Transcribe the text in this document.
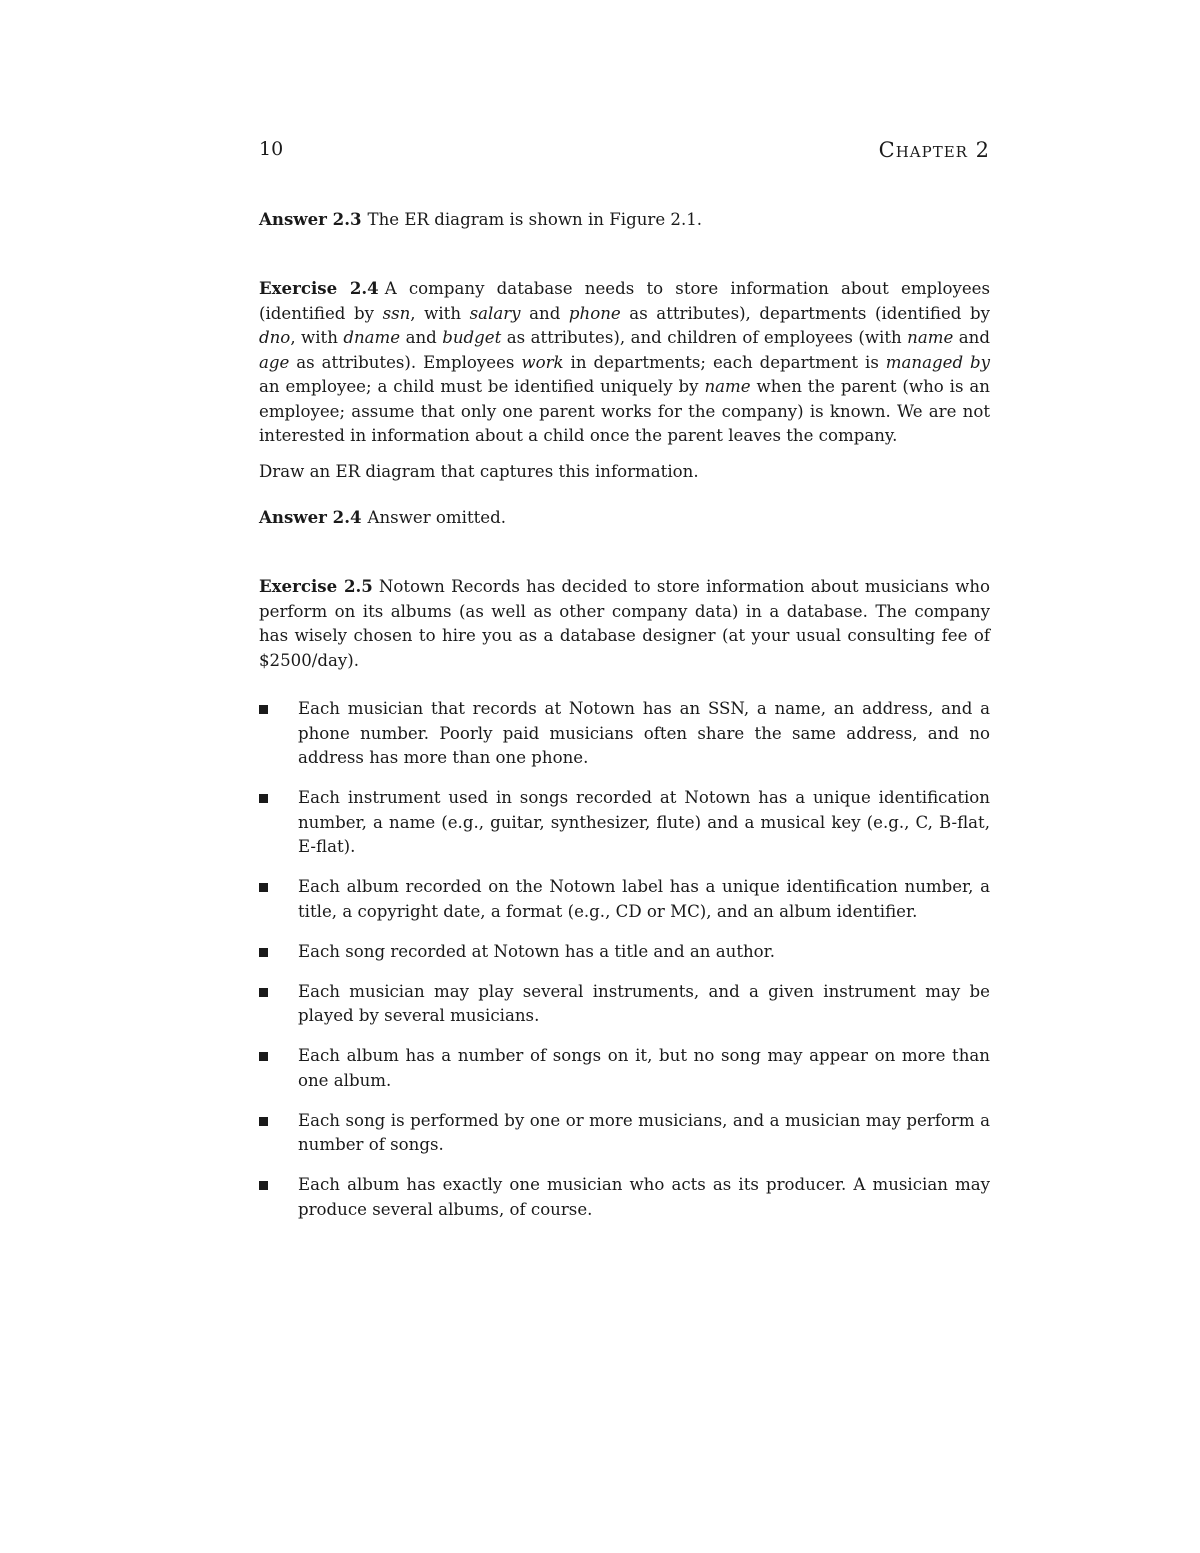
10	Chapter 2

Answer 2.3 The ER diagram is shown in Figure 2.1.

Exercise 2.4 A company database needs to store information about employees (identified by ssn, with salary and phone as attributes), departments (identified by dno, with dname and budget as attributes), and children of employees (with name and age as attributes). Employees work in departments; each department is managed by an employee; a child must be identified uniquely by name when the parent (who is an employee; assume that only one parent works for the company) is known. We are not interested in information about a child once the parent leaves the company.

Draw an ER diagram that captures this information.

Answer 2.4 Answer omitted.

Exercise 2.5 Notown Records has decided to store information about musicians who perform on its albums (as well as other company data) in a database. The company has wisely chosen to hire you as a database designer (at your usual consulting fee of $2500/day).

Each musician that records at Notown has an SSN, a name, an address, and a phone number. Poorly paid musicians often share the same address, and no address has more than one phone.
Each instrument used in songs recorded at Notown has a unique identification number, a name (e.g., guitar, synthesizer, flute) and a musical key (e.g., C, B-flat, E-flat).
Each album recorded on the Notown label has a unique identification number, a title, a copyright date, a format (e.g., CD or MC), and an album identifier.
Each song recorded at Notown has a title and an author.
Each musician may play several instruments, and a given instrument may be played by several musicians.
Each album has a number of songs on it, but no song may appear on more than one album.
Each song is performed by one or more musicians, and a musician may perform a number of songs.
Each album has exactly one musician who acts as its producer. A musician may produce several albums, of course.
